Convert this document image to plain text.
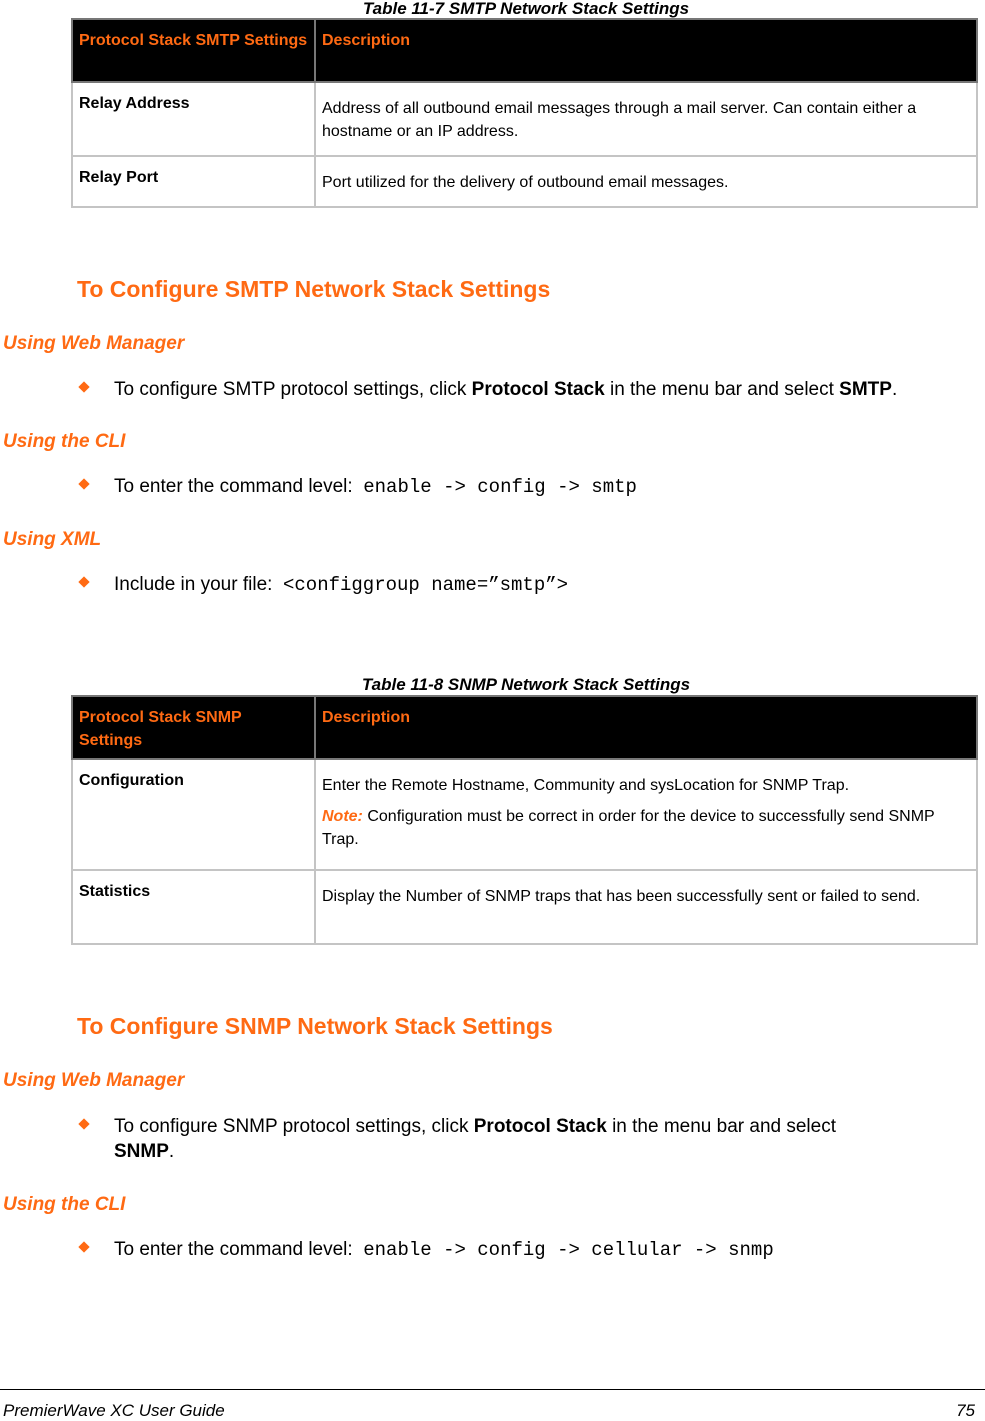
Table 11-7 SMTP Network Stack Settings
Protocol Stack SMTP Settings	Description
Relay Address	Address of all outbound email messages through a mail server. Can contain either a hostname or an IP address.
Relay Port	Port utilized for the delivery of outbound email messages.
To Configure SMTP Network Stack Settings
Using Web Manager
To configure SMTP protocol settings, click Protocol Stack in the menu bar and select SMTP.
Using the CLI
To enter the command level: enable -> config -> smtp
Using XML
Include in your file: <configgroup name=”smtp”>
Table 11-8 SNMP Network Stack Settings
Protocol Stack SNMP Settings	Description
Configuration	Enter the Remote Hostname, Community and sysLocation for SNMP Trap.
Note: Configuration must be correct in order for the device to successfully send SNMP Trap.

Statistics	Display the Number of SNMP traps that has been successfully sent or failed to send.
To Configure SNMP Network Stack Settings
Using Web Manager
To configure SNMP protocol settings, click Protocol Stack in the menu bar and select
SNMP.
Using the CLI
To enter the command level: enable -> config -> cellular -> snmp
PremierWave XC User Guide	75
